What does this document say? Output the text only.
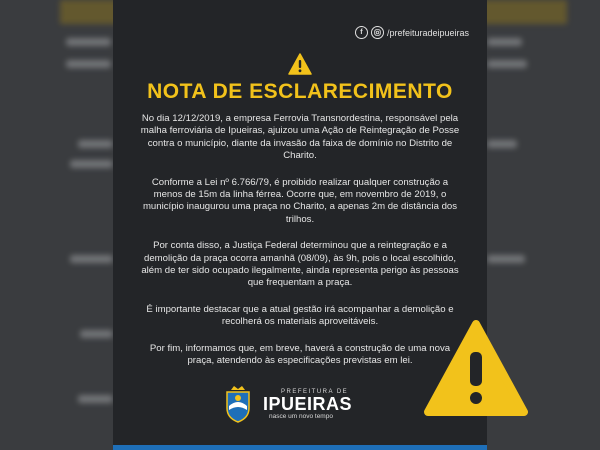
f	/prefeituradeipueiras
NOTA DE ESCLARECIMENTO

No dia 12/12/2019, a empresa Ferrovia Transnordestina, responsável pela malha ferroviária de Ipueiras, ajuizou uma Ação de Reintegração de Posse contra o município, diante da invasão da faixa de domínio no Distrito de Charito.

Conforme a Lei nº 6.766/79, é proibido realizar qualquer construção a menos de 15m da linha férrea. Ocorre que, em novembro de 2019, o município inaugurou uma praça no Charito, a apenas 2m de distância dos trilhos.

Por conta disso, a Justiça Federal determinou que a reintegração e a demolição da praça ocorra amanhã (08/09), às 9h, pois o local escolhido, além de ter sido ocupado ilegalmente, ainda representa perigo às pessoas que frequentam a praça.

É importante destacar que a atual gestão irá acompanhar a demolição e recolherá os materiais aproveitáveis.

Por fim, informamos que, em breve, haverá a construção de uma nova praça, atendendo às especificações previstas em lei.

PREFEITURA DE
IPUEIRAS
nasce um novo tempo
